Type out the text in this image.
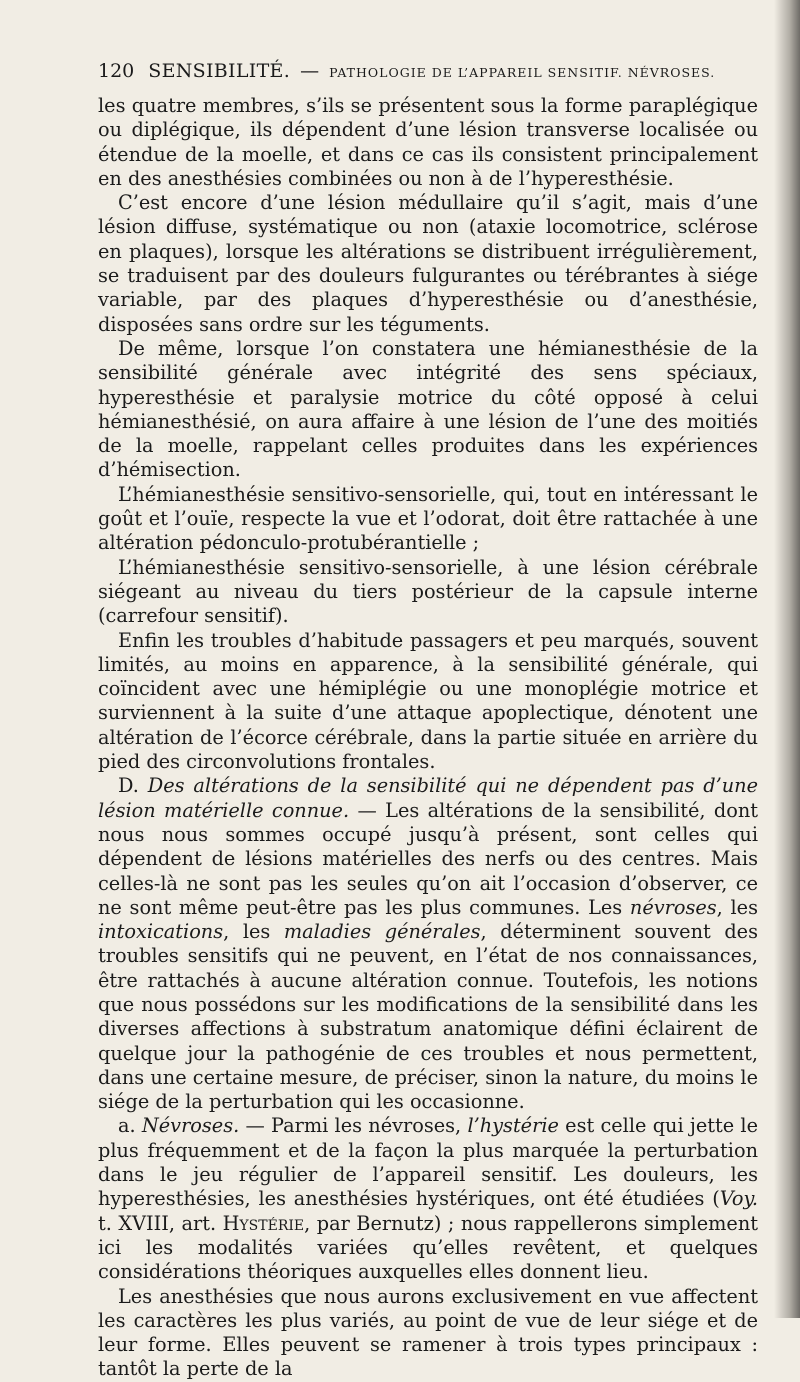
120 SENSIBILITÉ. — PATHOLOGIE DE L’APPAREIL SENSITIF. NÉVROSES.

les quatre membres, s’ils se présentent sous la forme paraplégique ou diplégique, ils dépendent d’une lésion transverse localisée ou étendue de la moelle, et dans ce cas ils consistent principalement en des anesthésies combinées ou non à de l’hyperesthésie.

C’est encore d’une lésion médullaire qu’il s’agit, mais d’une lésion diffuse, systématique ou non (ataxie locomotrice, sclérose en plaques), lorsque les altérations se distribuent irrégulièrement, se traduisent par des douleurs fulgurantes ou térébrantes à siége variable, par des plaques d’hyperesthésie ou d’anesthésie, disposées sans ordre sur les téguments.

De même, lorsque l’on constatera une hémianesthésie de la sensibilité générale avec intégrité des sens spéciaux, hyperesthésie et paralysie motrice du côté opposé à celui hémianesthésié, on aura affaire à une lésion de l’une des moitiés de la moelle, rappelant celles produites dans les expériences d’hémisection.

L’hémianesthésie sensitivo-sensorielle, qui, tout en intéressant le goût et l’ouïe, respecte la vue et l’odorat, doit être rattachée à une altération pédonculo-protubérantielle ;

L’hémianesthésie sensitivo-sensorielle, à une lésion cérébrale siégeant au niveau du tiers postérieur de la capsule interne (carrefour sensitif).

Enfin les troubles d’habitude passagers et peu marqués, souvent limités, au moins en apparence, à la sensibilité générale, qui coïncident avec une hémiplégie ou une monoplégie motrice et surviennent à la suite d’une attaque apoplectique, dénotent une altération de l’écorce cérébrale, dans la partie située en arrière du pied des circonvolutions frontales.

D. Des altérations de la sensibilité qui ne dépendent pas d’une lésion matérielle connue. — Les altérations de la sensibilité, dont nous nous sommes occupé jusqu’à présent, sont celles qui dépendent de lésions matérielles des nerfs ou des centres. Mais celles-là ne sont pas les seules qu’on ait l’occasion d’observer, ce ne sont même peut-être pas les plus communes. Les névroses, les intoxications, les maladies générales, déterminent souvent des troubles sensitifs qui ne peuvent, en l’état de nos connaissances, être rattachés à aucune altération connue. Toutefois, les notions que nous possédons sur les modifications de la sensibilité dans les diverses affections à substratum anatomique défini éclairent de quelque jour la pathogénie de ces troubles et nous permettent, dans une certaine mesure, de préciser, sinon la nature, du moins le siége de la perturbation qui les occasionne.

a. Névroses. — Parmi les névroses, l’hystérie est celle qui jette le plus fréquemment et de la façon la plus marquée la perturbation dans le jeu régulier de l’appareil sensitif. Les douleurs, les hyperesthésies, les anesthésies hystériques, ont été étudiées (Voy. t. XVIII, art. Hystérie, par Bernutz) ; nous rappellerons simplement ici les modalités variées qu’elles revêtent, et quelques considérations théoriques auxquelles elles donnent lieu.

Les anesthésies que nous aurons exclusivement en vue affectent les caractères les plus variés, au point de vue de leur siége et de leur forme. Elles peuvent se ramener à trois types principaux : tantôt la perte de la
